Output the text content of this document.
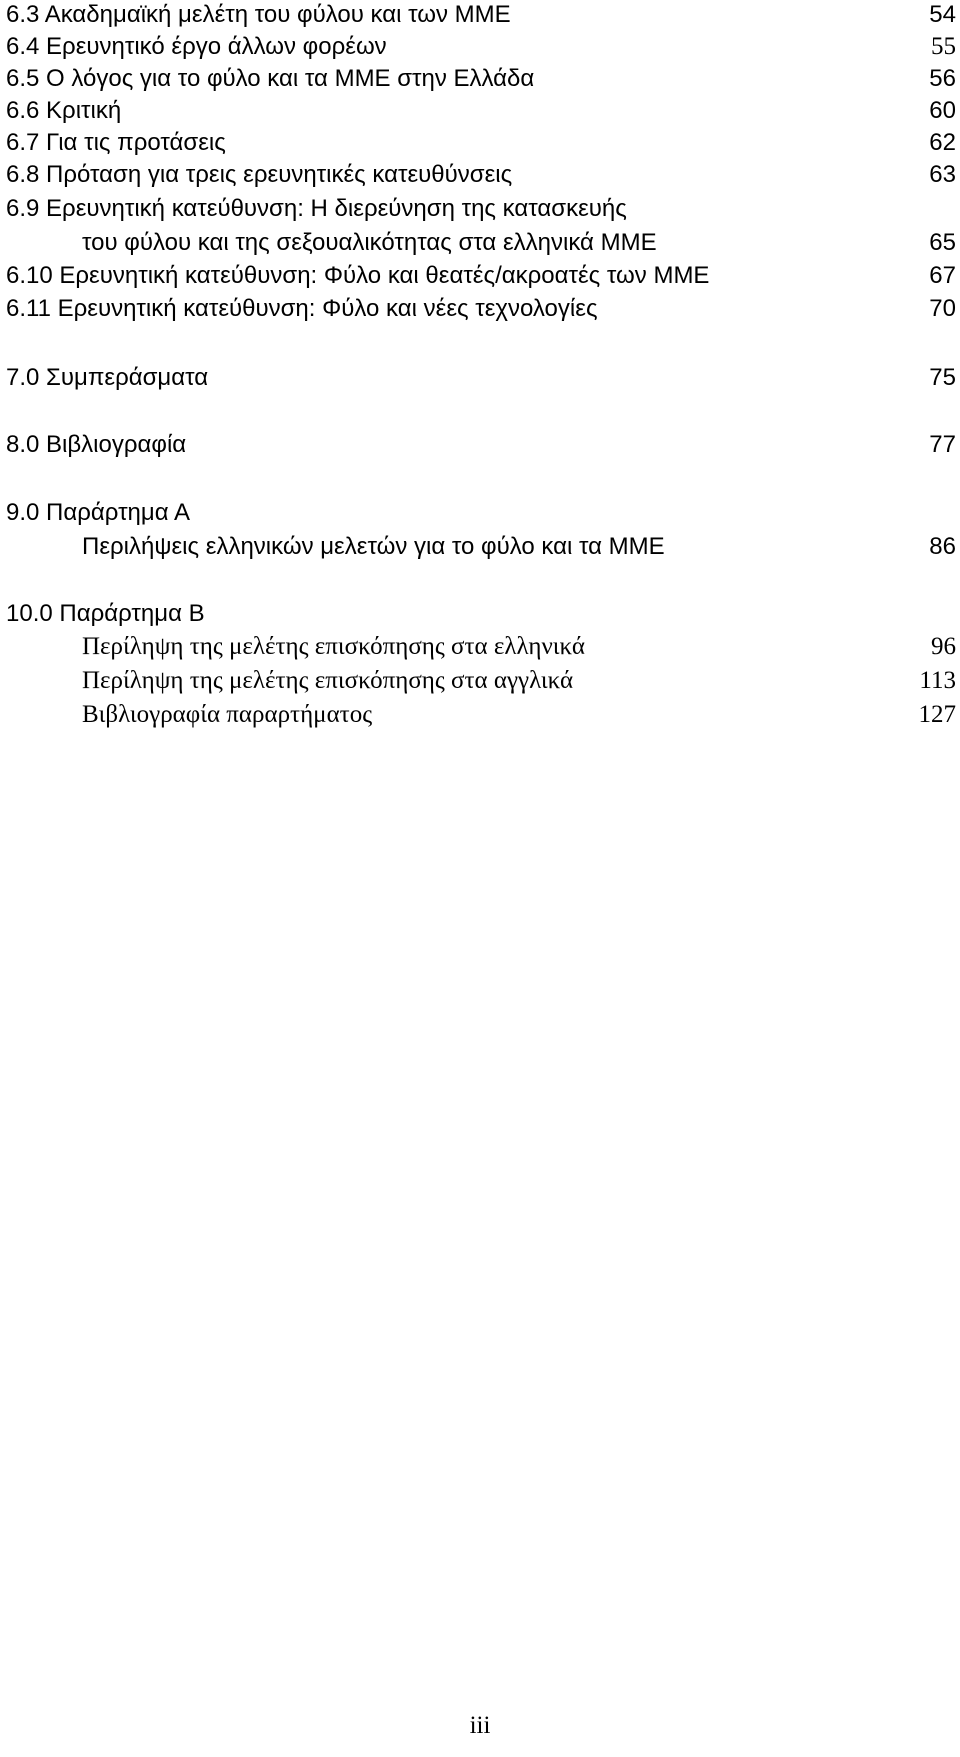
6.3 Ακαδημαϊκή μελέτη του φύλου και των ΜΜΕ	54
6.4 Ερευνητικό έργο άλλων φορέων	55
6.5 Ο λόγος για το φύλο και τα ΜΜΕ στην Ελλάδα	56
6.6 Κριτική	60
6.7 Για τις προτάσεις	62
6.8 Πρόταση για τρεις ερευνητικές κατευθύνσεις	63
6.9 Ερευνητική κατεύθυνση: Η διερεύνηση της κατασκευής
του φύλου και της σεξουαλικότητας στα ελληνικά ΜΜΕ	65
6.10 Ερευνητική κατεύθυνση: Φύλο και θεατές/ακροατές των ΜΜΕ	67
6.11 Ερευνητική κατεύθυνση: Φύλο και νέες τεχνολογίες	70
7.0 Συμπεράσματα	75
8.0 Βιβλιογραφία	77
9.0 Παράρτημα Α
Περιλήψεις ελληνικών μελετών για το φύλο και τα ΜΜΕ	86
10.0 Παράρτημα Β
Περίληψη της μελέτης επισκόπησης στα ελληνικά	96
Περίληψη της μελέτης επισκόπησης στα αγγλικά	113
Βιβλιογραφία παραρτήματος	127
iii
